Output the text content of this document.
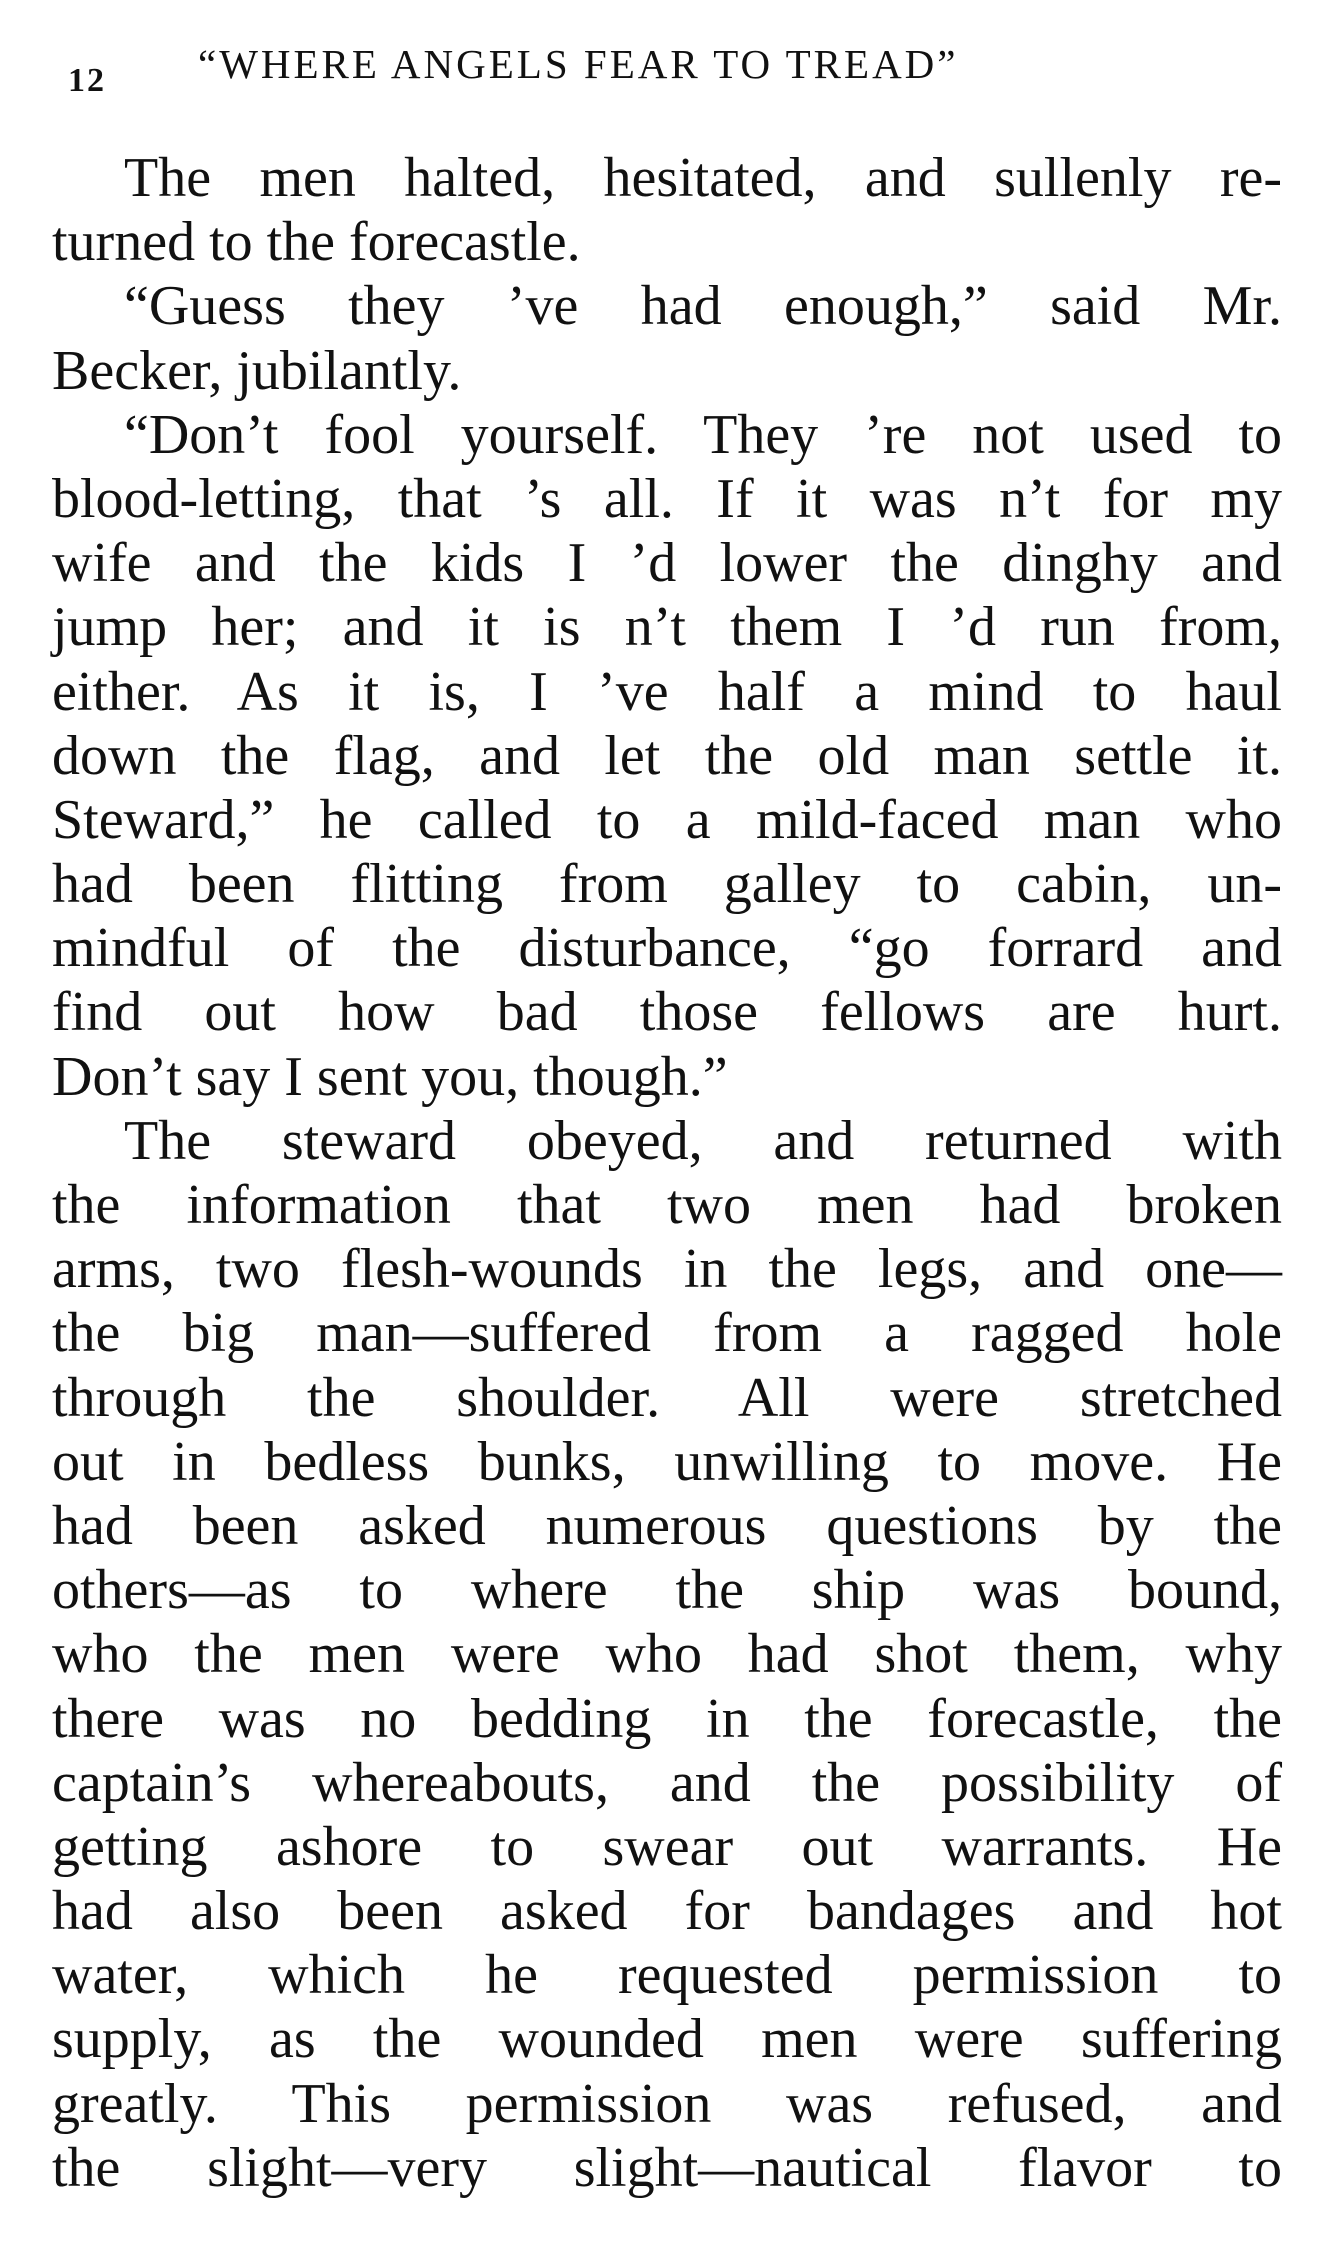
12 “WHERE ANGELS FEAR TO TREAD”
The men halted, hesitated, and sullenly re-
turned to the forecastle.
“Guess they ’ve had enough,” said Mr.
Becker, jubilantly.
“Don’t fool yourself. They ’re not used to
blood-letting, that ’s all. If it was n’t for my
wife and the kids I ’d lower the dinghy and
jump her; and it is n’t them I ’d run from,
either. As it is, I ’ve half a mind to haul
down the flag, and let the old man settle it.
Steward,” he called to a mild-faced man who
had been flitting from galley to cabin, un-
mindful of the disturbance, “go forrard and
find out how bad those fellows are hurt.
Don’t say I sent you, though.”
The steward obeyed, and returned with
the information that two men had broken
arms, two flesh-wounds in the legs, and one—
the big man—suffered from a ragged hole
through the shoulder. All were stretched
out in bedless bunks, unwilling to move. He
had been asked numerous questions by the
others—as to where the ship was bound,
who the men were who had shot them, why
there was no bedding in the forecastle, the
captain’s whereabouts, and the possibility of
getting ashore to swear out warrants. He
had also been asked for bandages and hot
water, which he requested permission to
supply, as the wounded men were suffering
greatly. This permission was refused, and
the slight—very slight—nautical flavor to
